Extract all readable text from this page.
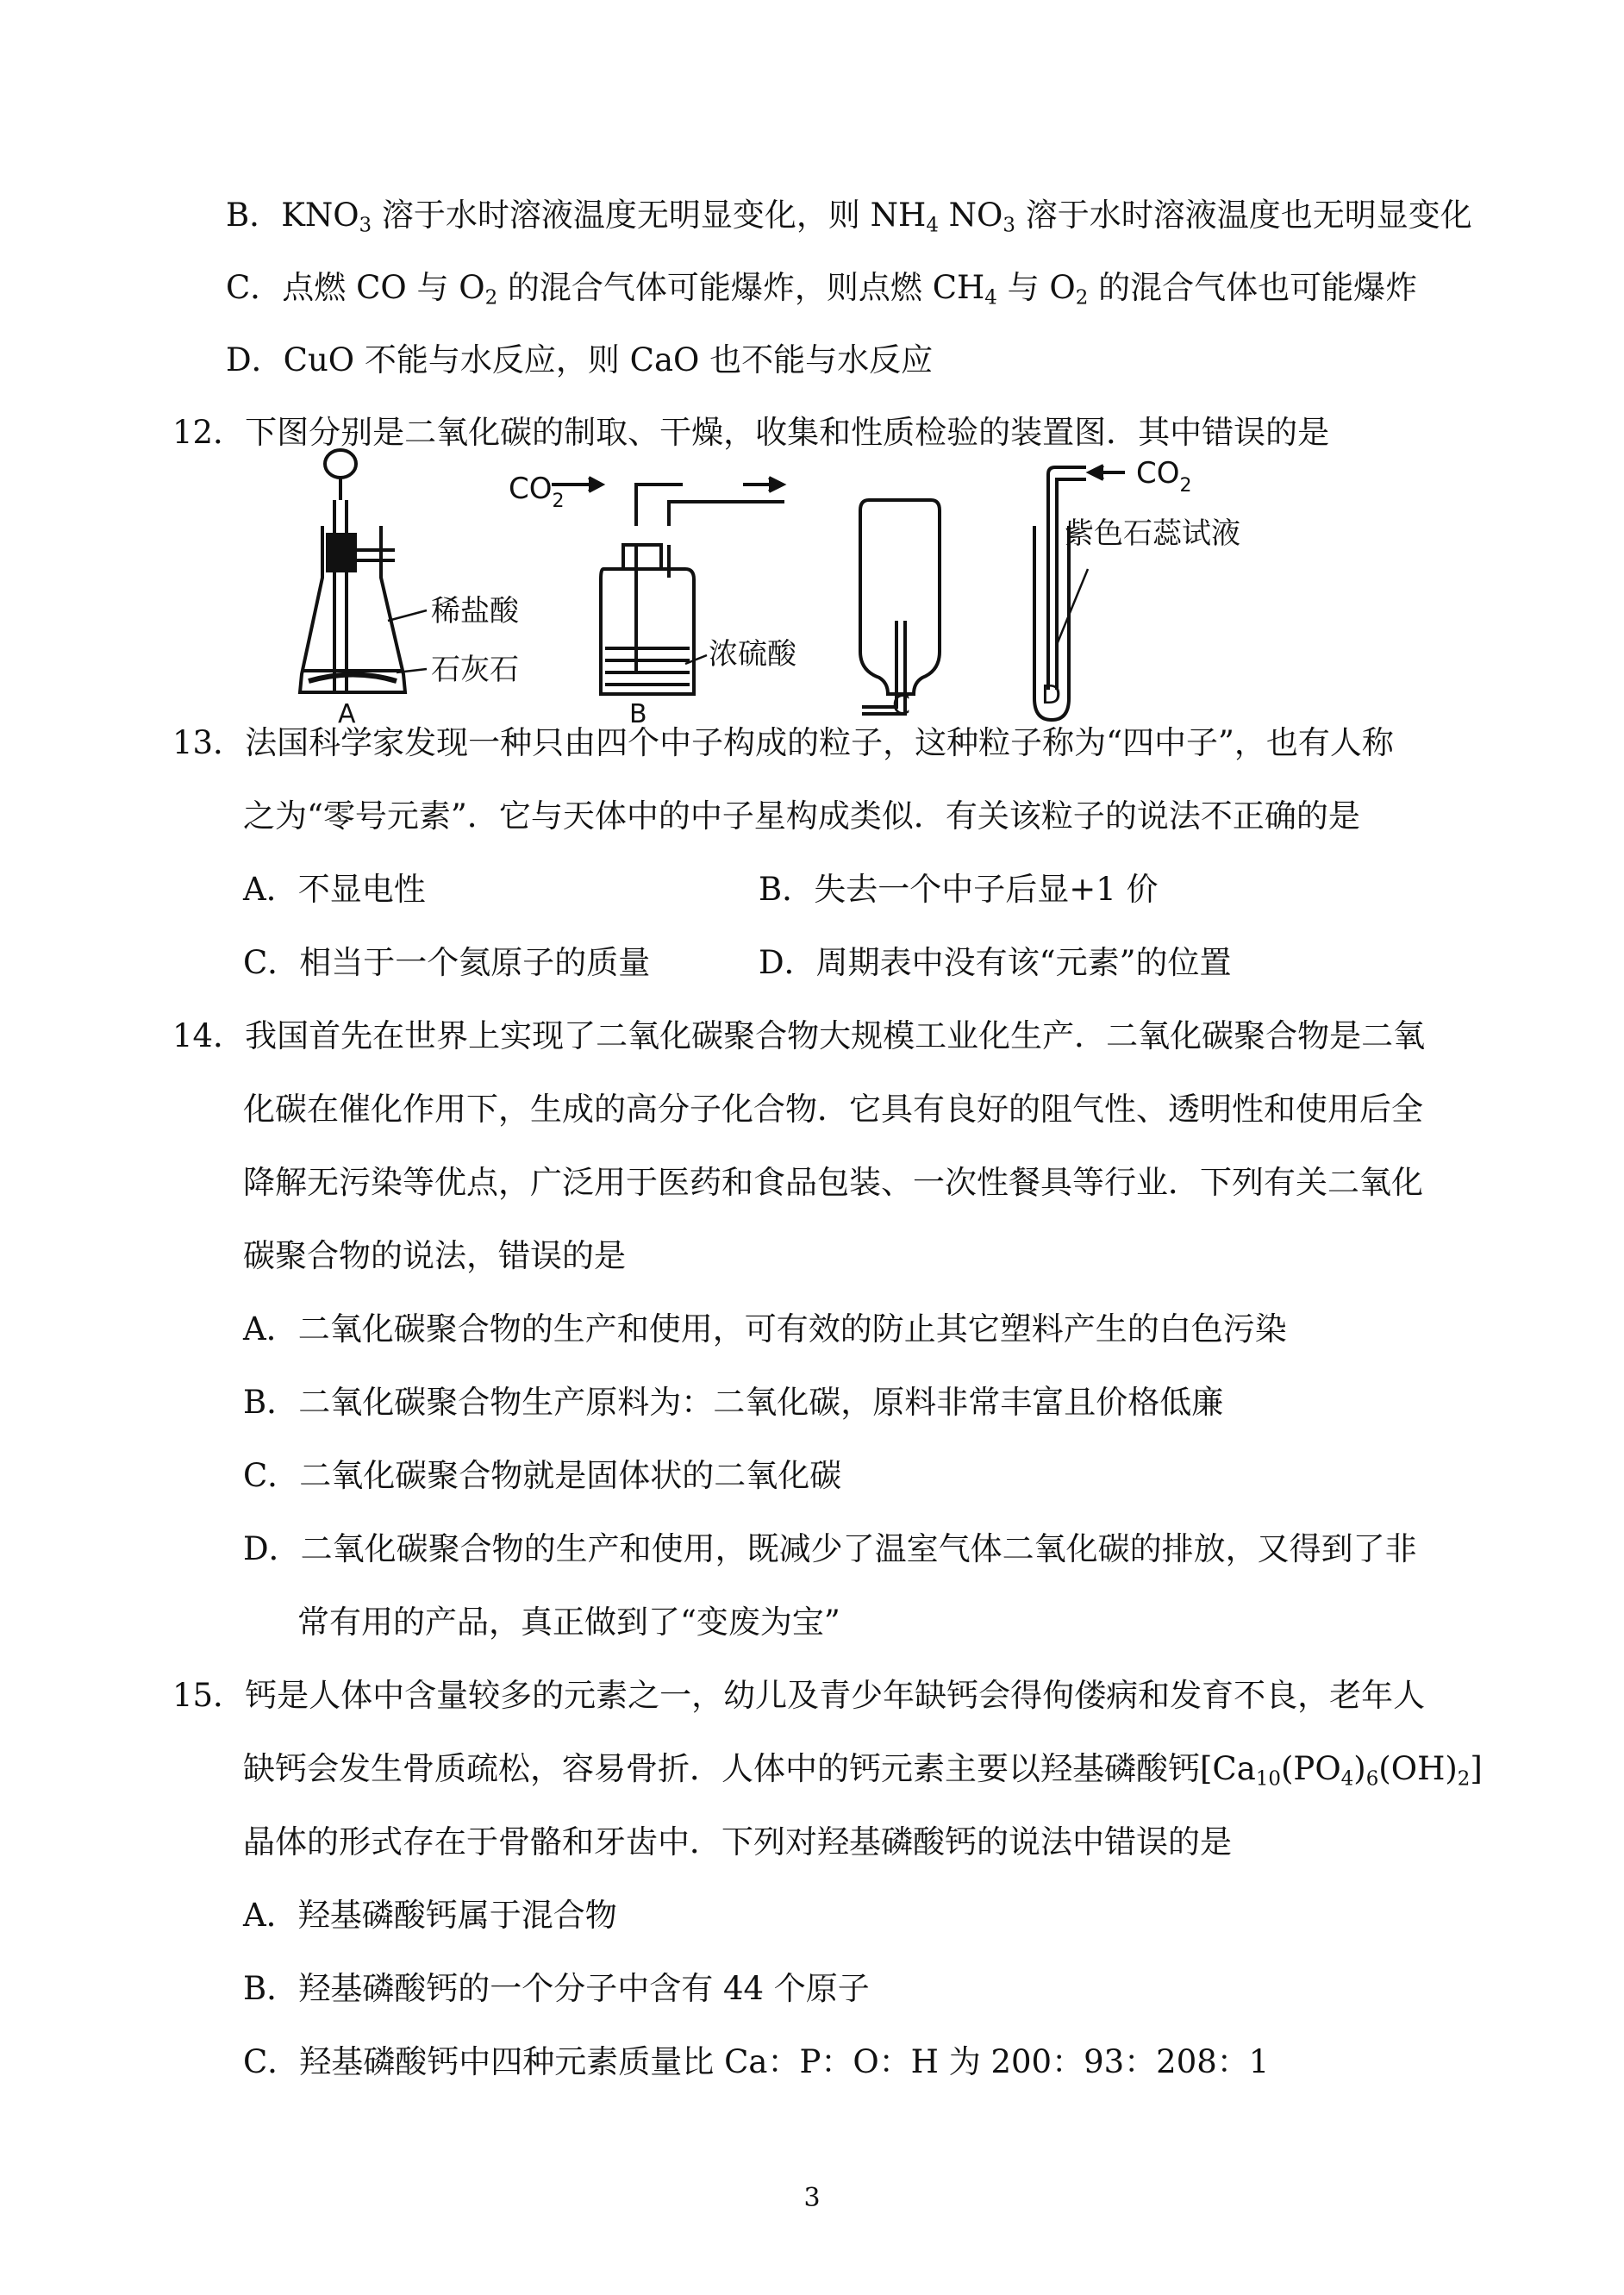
B．$KNO_3$ 溶于水时溶液温度无明显变化，则 $NH_4$ $NO_3$ 溶于水时溶液温度也无明显变化
C．点燃 CO 与 $O_2$ 的混合气体可能爆炸，则点燃 $CH_4$ 与 $O_2$ 的混合气体也可能爆炸
D．CuO 不能与水反应，则 CaO 也不能与水反应
12．下图分别是二氧化碳的制取、干燥，收集和性质检验的装置图．其中错误的是
$CO_2$
$CO_2$
稀盐酸
石灰石	浓硫酸
紫色石蕊试液
A	B	C	D
13．法国科学家发现一种只由四个中子构成的粒子，这种粒子称为“四中子”，也有人称
之为“零号元素”．它与天体中的中子星构成类似．有关该粒子的说法不正确的是
A．不显电性	B．失去一个中子后显+1 价
C．相当于一个氦原子的质量	D．周期表中没有该“元素”的位置
14．我国首先在世界上实现了二氧化碳聚合物大规模工业化生产．二氧化碳聚合物是二氧
化碳在催化作用下，生成的高分子化合物．它具有良好的阻气性、透明性和使用后全
降解无污染等优点，广泛用于医药和食品包装、一次性餐具等行业．下列有关二氧化
碳聚合物的说法，错误的是
A．二氧化碳聚合物的生产和使用，可有效的防止其它塑料产生的白色污染
B．二氧化碳聚合物生产原料为：二氧化碳，原料非常丰富且价格低廉
C．二氧化碳聚合物就是固体状的二氧化碳
D．二氧化碳聚合物的生产和使用，既减少了温室气体二氧化碳的排放，又得到了非
常有用的产品，真正做到了“变废为宝”
15．钙是人体中含量较多的元素之一，幼儿及青少年缺钙会得佝偻病和发育不良，老年人
缺钙会发生骨质疏松，容易骨折．人体中的钙元素主要以羟基磷酸钙$[Ca_{10}(PO_4)_6(OH)_2]$
晶体的形式存在于骨骼和牙齿中．下列对羟基磷酸钙的说法中错误的是
A．羟基磷酸钙属于混合物
B．羟基磷酸钙的一个分子中含有 44 个原子
C．羟基磷酸钙中四种元素质量比 Ca：P：O：H 为 200：93：208：1
3
